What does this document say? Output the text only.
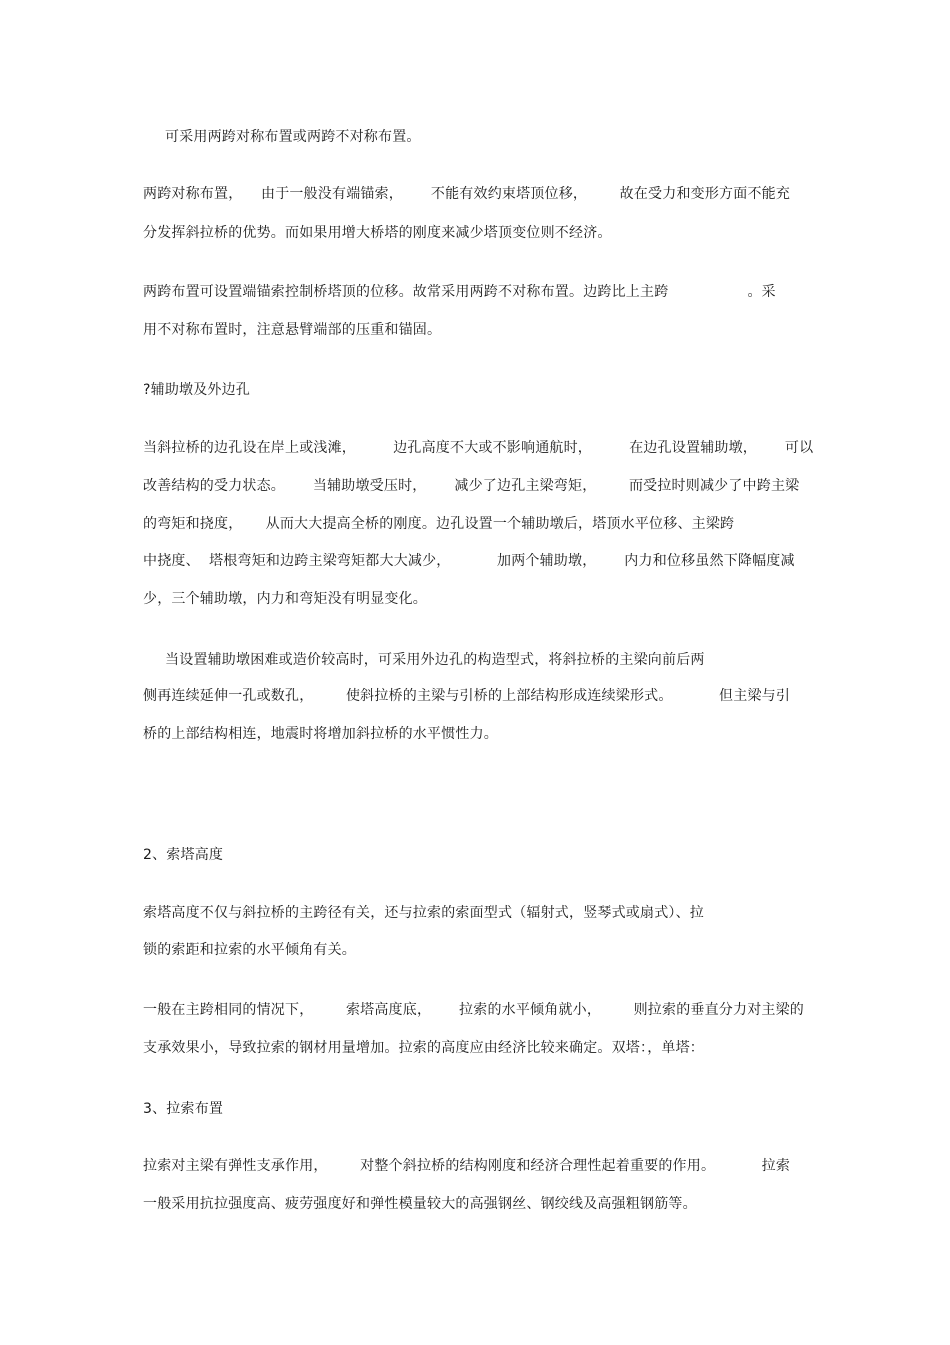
可采用两跨对称布置或两跨不对称布置。
两跨对称布置，    由于一般没有端锚索，      不能有效约束塔顶位移，       故在受力和变形方面不能充
分发挥斜拉桥的优势。而如果用增大桥塔的刚度来减少塔顶变位则不经济。
两跨布置可设置端锚索控制桥塔顶的位移。故常采用两跨不对称布置。边跨比上主跨                 。采
用不对称布置时，注意悬臂端部的压重和锚固。
?辅助墩及外边孔
当斜拉桥的边孔设在岸上或浅滩，        边孔高度不大或不影响通航时，        在边孔设置辅助墩，      可以
改善结构的受力状态。      当辅助墩受压时，      减少了边孔主梁弯矩，       而受拉时则减少了中跨主梁
的弯矩和挠度，     从而大大提高全桥的刚度。边孔设置一个辅助墩后，塔顶水平位移、主梁跨
中挠度、  塔根弯矩和边跨主梁弯矩都大大减少，          加两个辅助墩，      内力和位移虽然下降幅度减
少，三个辅助墩，内力和弯矩没有明显变化。
当设置辅助墩困难或造价较高时，可采用外边孔的构造型式，将斜拉桥的主梁向前后两
侧再连续延伸一孔或数孔，       使斜拉桥的主梁与引桥的上部结构形成连续梁形式。          但主梁与引
桥的上部结构相连，地震时将增加斜拉桥的水平惯性力。
2、索塔高度
索塔高度不仅与斜拉桥的主跨径有关，还与拉索的索面型式（辐射式，竖琴式或扇式）、拉
锁的索距和拉索的水平倾角有关。
一般在主跨相同的情况下，       索塔高度底，      拉索的水平倾角就小，       则拉索的垂直分力对主梁的
支承效果小，导致拉索的钢材用量增加。拉索的高度应由经济比较来确定。双塔：，单塔：
3、拉索布置
拉索对主梁有弹性支承作用，       对整个斜拉桥的结构刚度和经济合理性起着重要的作用。          拉索
一般采用抗拉强度高、疲劳强度好和弹性模量较大的高强钢丝、钢绞线及高强粗钢筋等。
